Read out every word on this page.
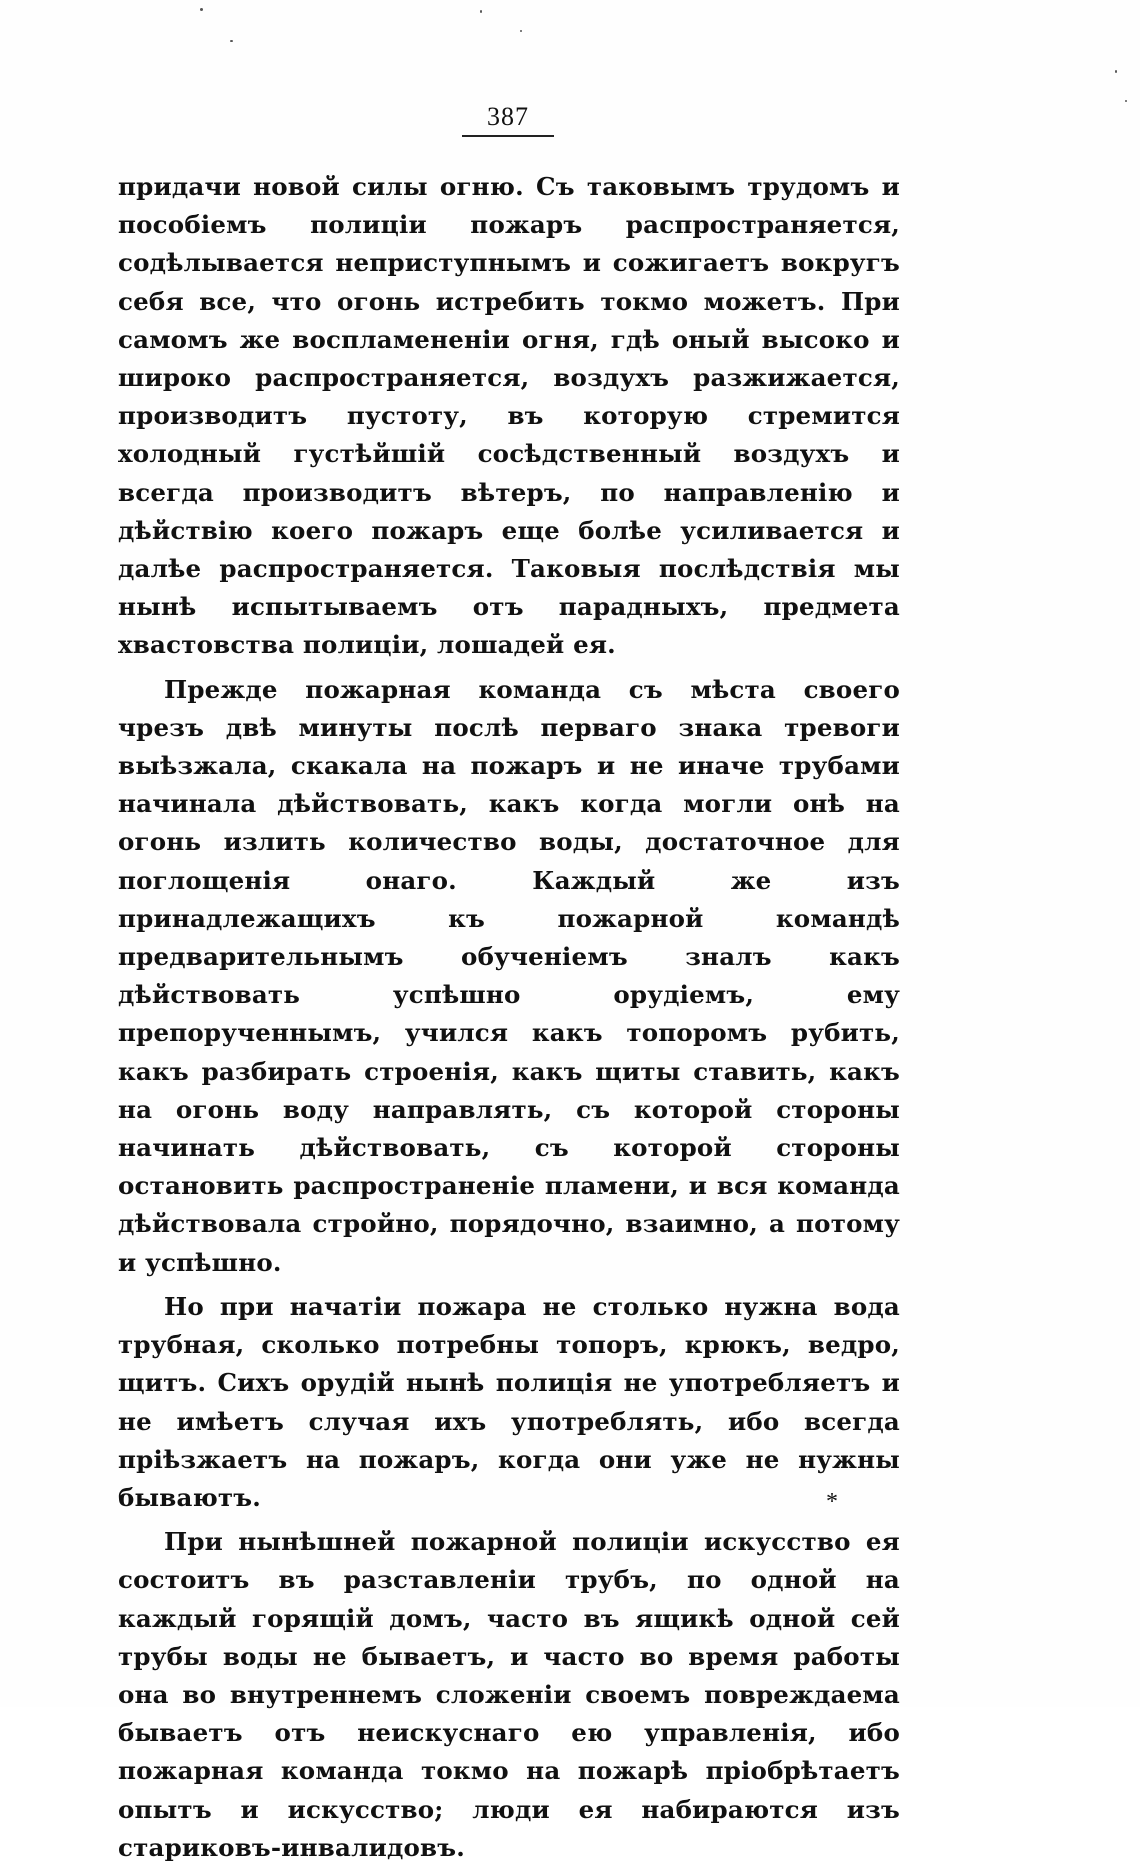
387

придачи новой силы огню. Съ таковымъ трудомъ и пособіемъ полиціи пожаръ распространяется, содѣлывается неприступнымъ и сожигаетъ вокругъ себя все, что огонь истребить токмо можетъ. При самомъ же воспламененіи огня, гдѣ оный высоко и широко распространяется, воздухъ разжижается, производитъ пустоту, въ которую стремится холодный густѣйшій сосѣдственный воздухъ и всегда производитъ вѣтеръ, по направленію и дѣйствію коего пожаръ еще болѣе усиливается и далѣе распространяется. Таковыя послѣдствія мы нынѣ испытываемъ отъ парадныхъ, предмета хвастовства полиціи, лошадей ея.

Прежде пожарная команда съ мѣста своего чрезъ двѣ минуты послѣ перваго знака тревоги выѣзжала, скакала на пожаръ и не иначе трубами начинала дѣйствовать, какъ когда могли онѣ на огонь излить количество воды, достаточное для поглощенія онаго. Каждый же изъ принадлежащихъ къ пожарной командѣ предварительнымъ обученіемъ зналъ какъ дѣйствовать успѣшно орудіемъ, ему препорученнымъ, учился какъ топоромъ рубить, какъ разбирать строенія, какъ щиты ставить, какъ на огонь воду направлять, съ которой стороны начинать дѣйствовать, съ которой стороны остановить распространеніе пламени, и вся команда дѣйствовала стройно, порядочно, взаимно, а потому и успѣшно.

Но при начатіи пожара не столько нужна вода трубная, сколько потребны топоръ, крюкъ, ведро, щитъ. Сихъ орудій нынѣ полиція не употребляетъ и не имѣетъ случая ихъ употреблять, ибо всегда пріѣзжаетъ на пожаръ, когда они уже не нужны бываютъ.

При нынѣшней пожарной полиціи искусство ея состоитъ въ разставленіи трубъ, по одной на каждый горящій домъ, часто въ ящикѣ одной сей трубы воды не бываетъ, и часто во время работы она во внутреннемъ сложеніи своемъ повреждаема бываетъ отъ неискуснаго ею управленія, ибо пожарная команда токмо на пожарѣ пріобрѣтаетъ опытъ и искусство; люди ея набираются изъ стариковъ-инвалидовъ.

*
